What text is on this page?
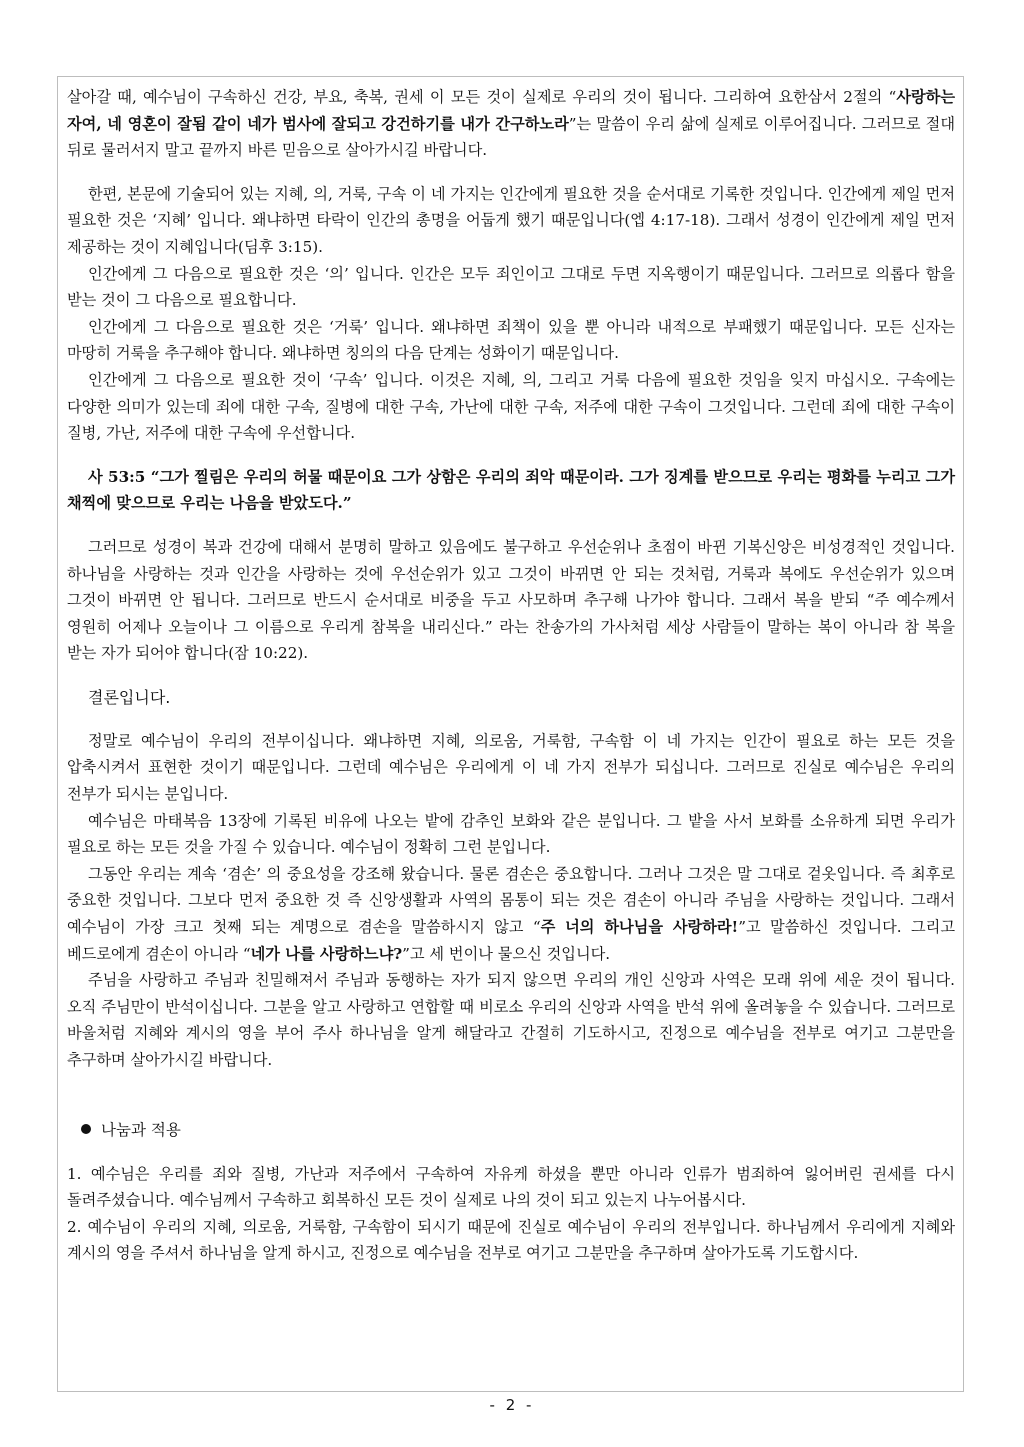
살아갈 때, 예수님이 구속하신 건강, 부요, 축복, 권세 이 모든 것이 실제로 우리의 것이 됩니다. 그리하여 요한삼서 2절의 “사랑하는 자여, 네 영혼이 잘됨 같이 네가 범사에 잘되고 강건하기를 내가 간구하노라”는 말씀이 우리 삶에 실제로 이루어집니다. 그러므로 절대 뒤로 물러서지 말고 끝까지 바른 믿음으로 살아가시길 바랍니다.

한편, 본문에 기술되어 있는 지혜, 의, 거룩, 구속 이 네 가지는 인간에게 필요한 것을 순서대로 기록한 것입니다. 인간에게 제일 먼저 필요한 것은 ‘지혜’ 입니다. 왜냐하면 타락이 인간의 총명을 어둡게 했기 때문입니다(엡 4:17-18). 그래서 성경이 인간에게 제일 먼저 제공하는 것이 지혜입니다(딤후 3:15).

인간에게 그 다음으로 필요한 것은 ‘의’ 입니다. 인간은 모두 죄인이고 그대로 두면 지옥행이기 때문입니다. 그러므로 의롭다 함을 받는 것이 그 다음으로 필요합니다.

인간에게 그 다음으로 필요한 것은 ‘거룩’ 입니다. 왜냐하면 죄책이 있을 뿐 아니라 내적으로 부패했기 때문입니다. 모든 신자는 마땅히 거룩을 추구해야 합니다. 왜냐하면 칭의의 다음 단계는 성화이기 때문입니다.

인간에게 그 다음으로 필요한 것이 ‘구속’ 입니다. 이것은 지혜, 의, 그리고 거룩 다음에 필요한 것임을 잊지 마십시오. 구속에는 다양한 의미가 있는데 죄에 대한 구속, 질병에 대한 구속, 가난에 대한 구속, 저주에 대한 구속이 그것입니다. 그런데 죄에 대한 구속이 질병, 가난, 저주에 대한 구속에 우선합니다.

사 53:5 “그가 찔림은 우리의 허물 때문이요 그가 상함은 우리의 죄악 때문이라. 그가 징계를 받으므로 우리는 평화를 누리고 그가 채찍에 맞으므로 우리는 나음을 받았도다.”

그러므로 성경이 복과 건강에 대해서 분명히 말하고 있음에도 불구하고 우선순위나 초점이 바뀐 기복신앙은 비성경적인 것입니다. 하나님을 사랑하는 것과 인간을 사랑하는 것에 우선순위가 있고 그것이 바뀌면 안 되는 것처럼, 거룩과 복에도 우선순위가 있으며 그것이 바뀌면 안 됩니다. 그러므로 반드시 순서대로 비중을 두고 사모하며 추구해 나가야 합니다. 그래서 복을 받되 “주 예수께서 영원히 어제나 오늘이나 그 이름으로 우리게 참복을 내리신다.” 라는 찬송가의 가사처럼 세상 사람들이 말하는 복이 아니라 참 복을 받는 자가 되어야 합니다(잠 10:22).

결론입니다.

정말로 예수님이 우리의 전부이십니다. 왜냐하면 지혜, 의로움, 거룩함, 구속함 이 네 가지는 인간이 필요로 하는 모든 것을 압축시켜서 표현한 것이기 때문입니다. 그런데 예수님은 우리에게 이 네 가지 전부가 되십니다. 그러므로 진실로 예수님은 우리의 전부가 되시는 분입니다.

예수님은 마태복음 13장에 기록된 비유에 나오는 밭에 감추인 보화와 같은 분입니다. 그 밭을 사서 보화를 소유하게 되면 우리가 필요로 하는 모든 것을 가질 수 있습니다. 예수님이 정확히 그런 분입니다.

그동안 우리는 계속 ‘겸손’ 의 중요성을 강조해 왔습니다. 물론 겸손은 중요합니다. 그러나 그것은 말 그대로 겉옷입니다. 즉 최후로 중요한 것입니다. 그보다 먼저 중요한 것 즉 신앙생활과 사역의 몸통이 되는 것은 겸손이 아니라 주님을 사랑하는 것입니다. 그래서 예수님이 가장 크고 첫째 되는 계명으로 겸손을 말씀하시지 않고 “주 너의 하나님을 사랑하라!”고 말씀하신 것입니다. 그리고 베드로에게 겸손이 아니라 “네가 나를 사랑하느냐?”고 세 번이나 물으신 것입니다.

주님을 사랑하고 주님과 친밀해져서 주님과 동행하는 자가 되지 않으면 우리의 개인 신앙과 사역은 모래 위에 세운 것이 됩니다. 오직 주님만이 반석이십니다. 그분을 알고 사랑하고 연합할 때 비로소 우리의 신앙과 사역을 반석 위에 올려놓을 수 있습니다. 그러므로 바울처럼 지혜와 계시의 영을 부어 주사 하나님을 알게 해달라고 간절히 기도하시고, 진정으로 예수님을 전부로 여기고 그분만을 추구하며 살아가시길 바랍니다.

나눔과 적용

1. 예수님은 우리를 죄와 질병, 가난과 저주에서 구속하여 자유케 하셨을 뿐만 아니라 인류가 범죄하여 잃어버린 권세를 다시 돌려주셨습니다. 예수님께서 구속하고 회복하신 모든 것이 실제로 나의 것이 되고 있는지 나누어봅시다.

2. 예수님이 우리의 지혜, 의로움, 거룩함, 구속함이 되시기 때문에 진실로 예수님이 우리의 전부입니다. 하나님께서 우리에게 지혜와 계시의 영을 주셔서 하나님을 알게 하시고, 진정으로 예수님을 전부로 여기고 그분만을 추구하며 살아가도록 기도합시다.

- 2 -
